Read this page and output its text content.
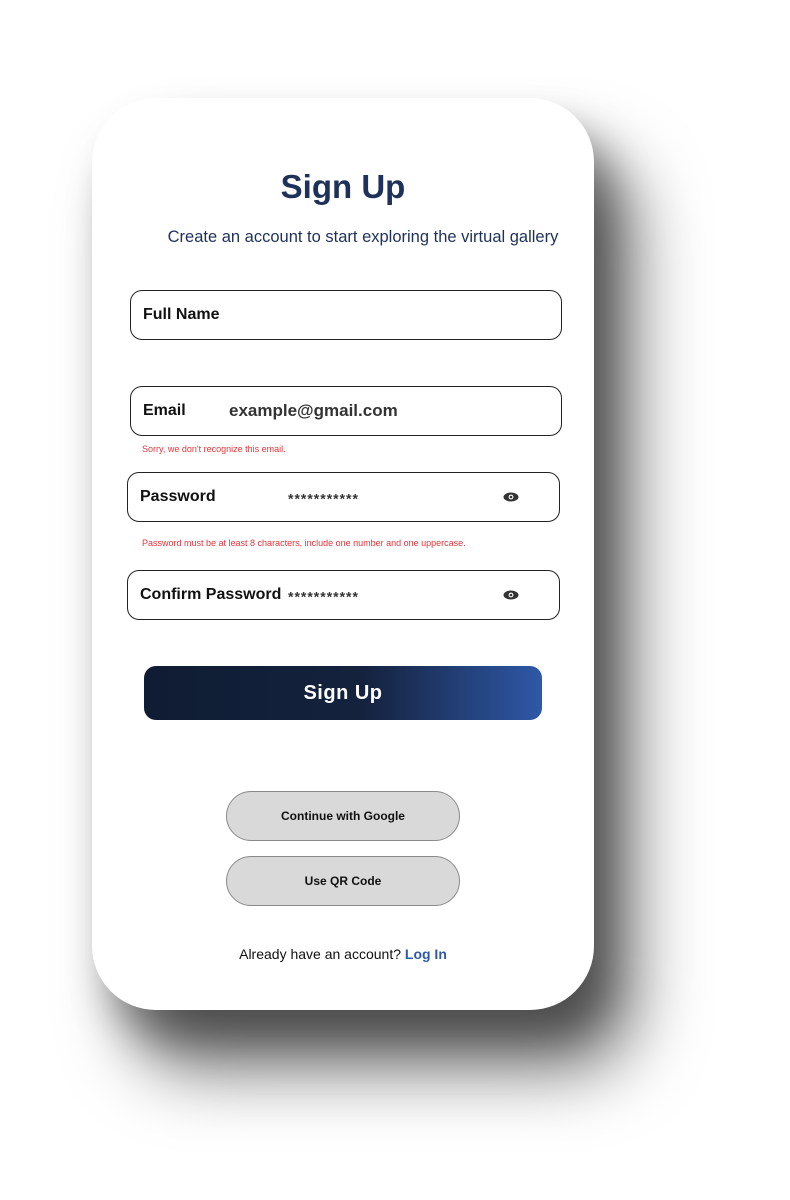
Sign Up
Create an account to start exploring the virtual gallery
Full Name
Email	example@gmail.com
Sorry, we don't recognize this email.
Password	***********
Password must be at least 8 characters, include one number and one uppercase.
Confirm Password ***********
Sign Up
Continue with Google
Use QR Code
Already have an account? Log In
